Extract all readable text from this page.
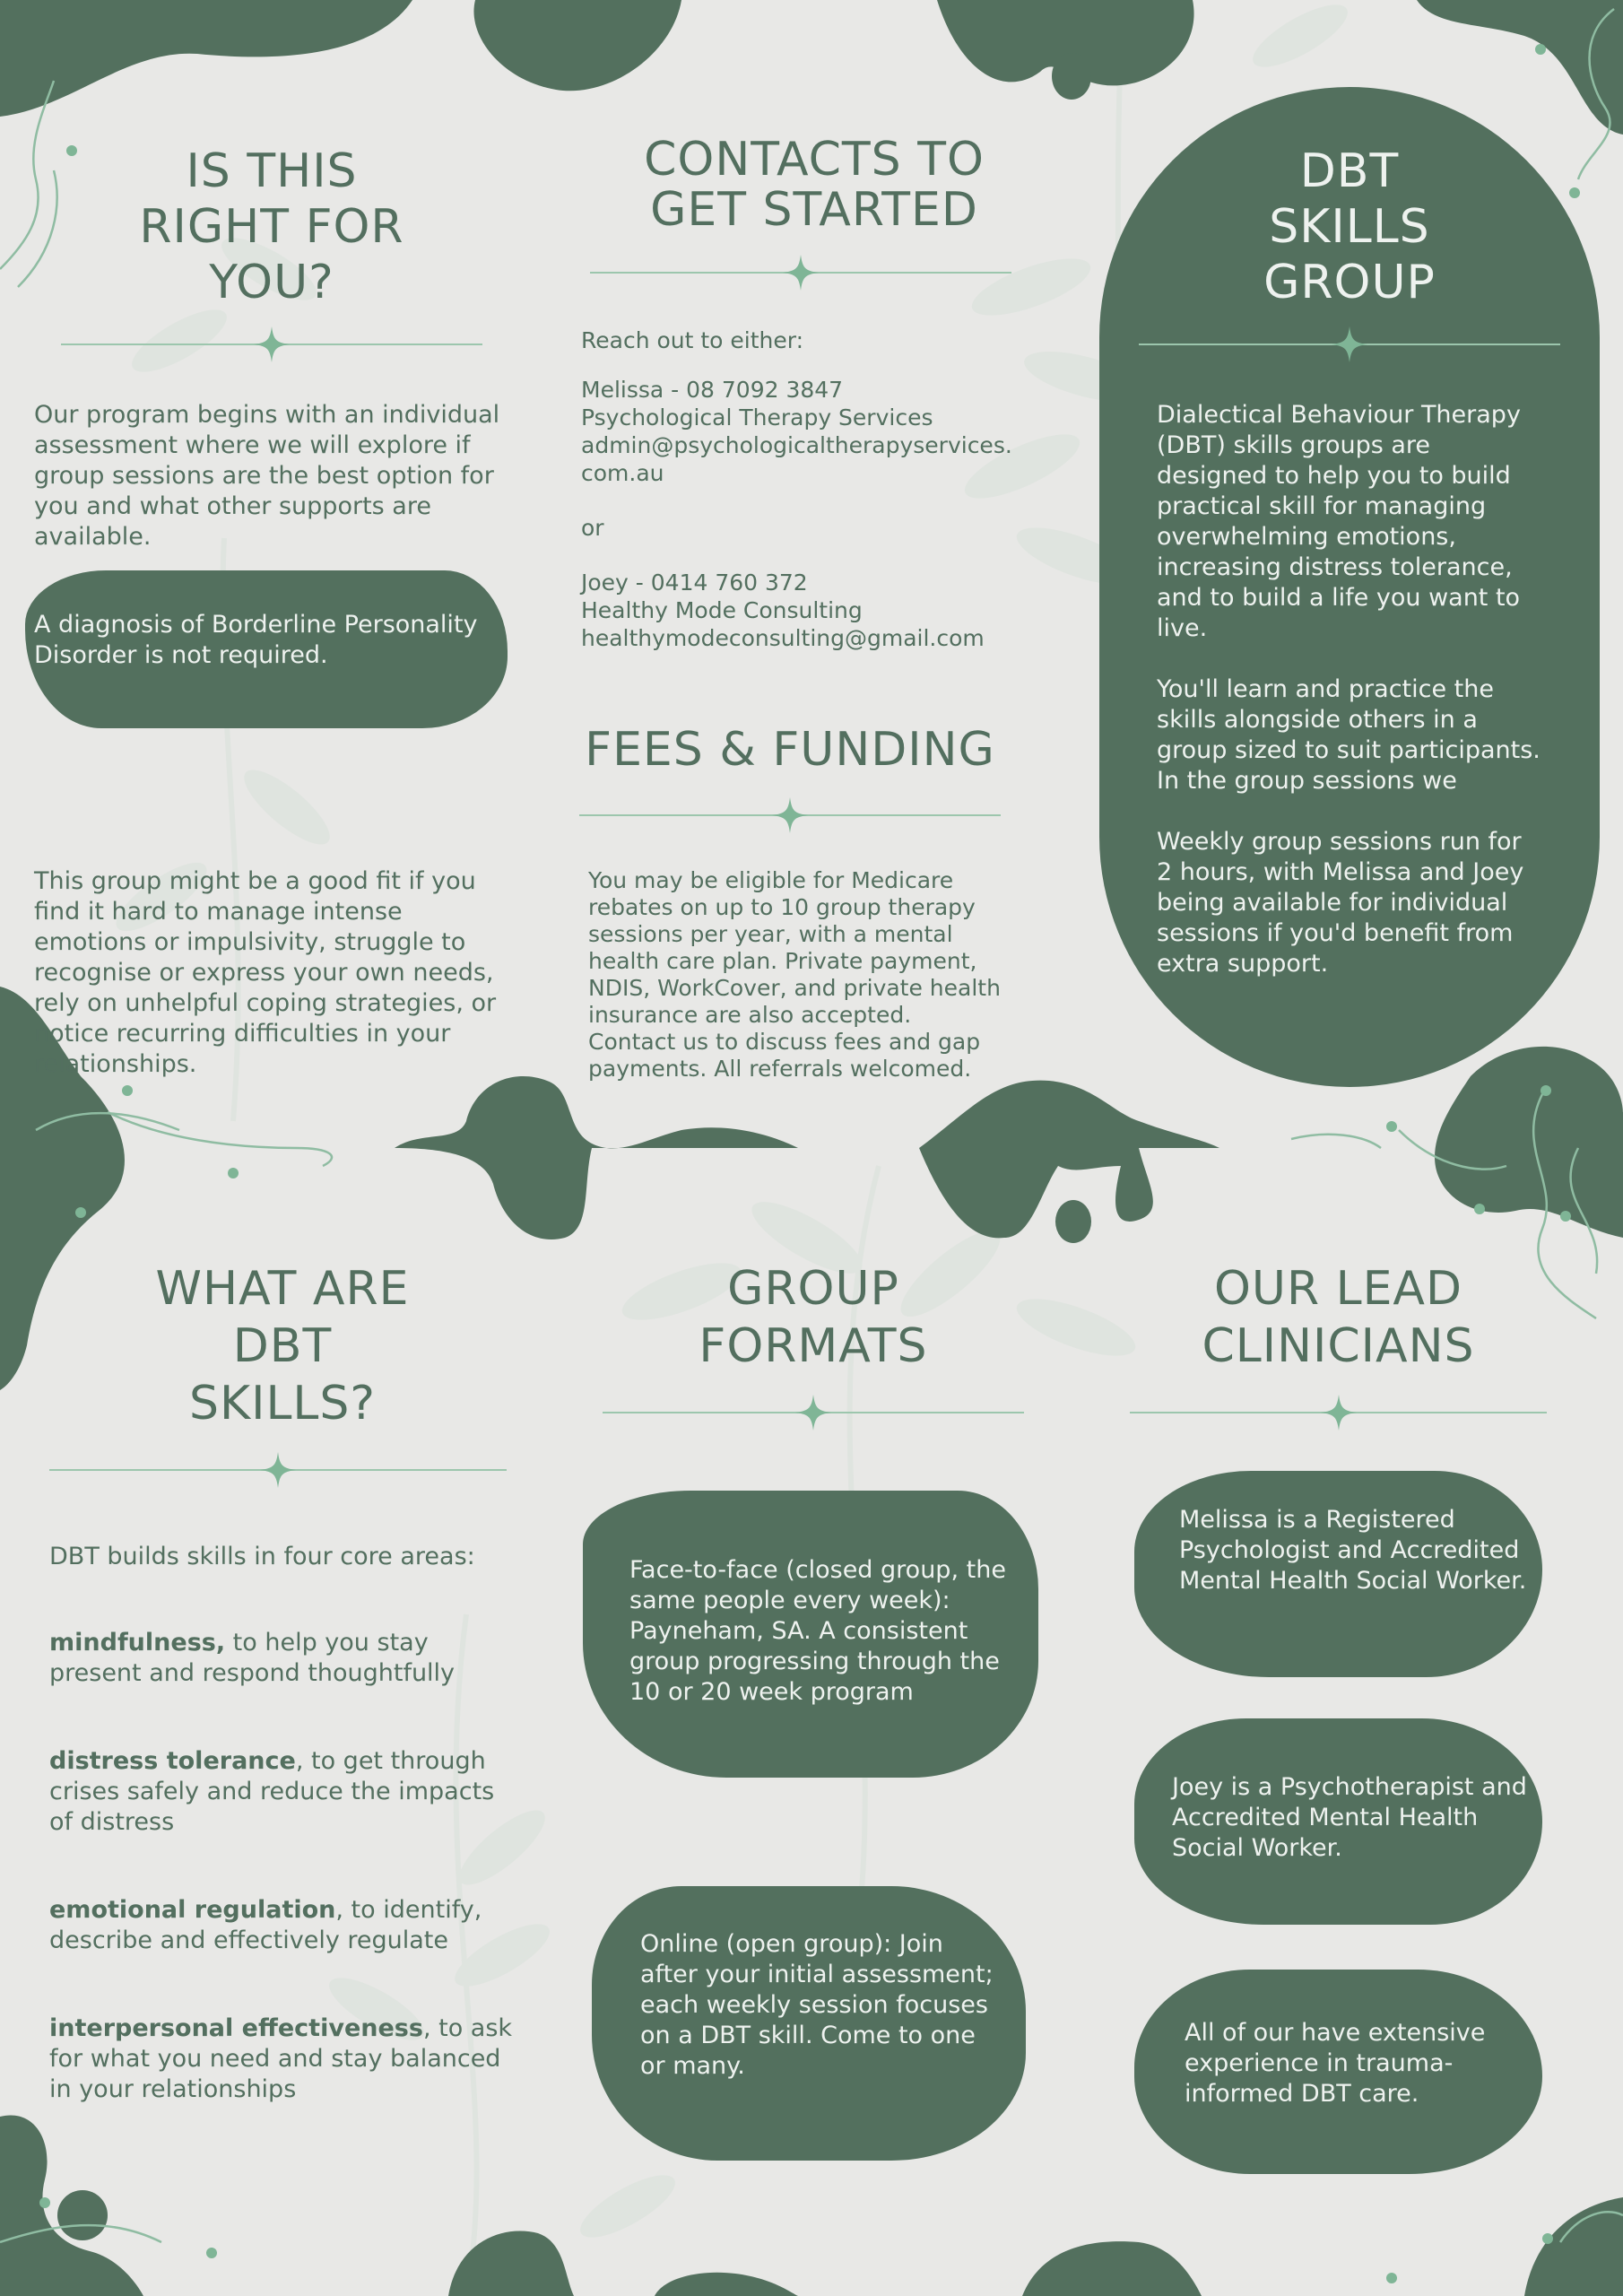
IS THIS RIGHT FOR YOU?

Our program begins with an individual assessment where we will explore if group sessions are the best option for you and what other supports are available.

This group might be a good fit if you find it hard to manage intense emotions or impulsivity, struggle to recognise or express your own needs, rely on unhelpful coping strategies, or notice recurring difficulties in your relationships.

A diagnosis of Borderline Personality Disorder is not required.

CONTACTS TO GET STARTED

Reach out to either:

Melissa - 08 7092 3847

Psychological Therapy Services

admin@psychologicaltherapyservices.

com.au

or

Joey - 0414 760 372

Healthy Mode Consulting

healthymodeconsulting@gmail.com

FEES & FUNDING

You may be eligible for Medicare rebates on up to 10 group therapy sessions per year, with a mental health care plan. Private payment, NDIS, WorkCover, and private health insurance are also accepted. Contact us to discuss fees and gap payments. All referrals welcomed.

DBT SKILLS GROUP

Dialectical Behaviour Therapy (DBT) skills groups are designed to help you to build practical skill for managing overwhelming emotions, increasing distress tolerance, and to build a life you want to live.

You'll learn and practice the skills alongside others in a group sized to suit participants. In the group sessions we

Weekly group sessions run for 2 hours, with Melissa and Joey being available for individual sessions if you'd benefit from extra support.

WHAT ARE DBT SKILLS?

DBT builds skills in four core areas:

mindfulness, to help you stay present and respond thoughtfully

distress tolerance, to get through crises safely and reduce the impacts of distress

emotional regulation, to identify, describe and effectively regulate

interpersonal effectiveness, to ask for what you need and stay balanced in your relationships

GROUP FORMATS

Face-to-face (closed group, the same people every week): Payneham, SA. A consistent group progressing through the 10 or 20 week program

Online (open group): Join after your initial assessment; each weekly session focuses on a DBT skill. Come to one or many.

OUR LEAD CLINICIANS

Melissa is a Registered Psychologist and Accredited Mental Health Social Worker.

Joey is a Psychotherapist and Accredited Mental Health Social Worker.

All of our have extensive experience in trauma-informed DBT care.
